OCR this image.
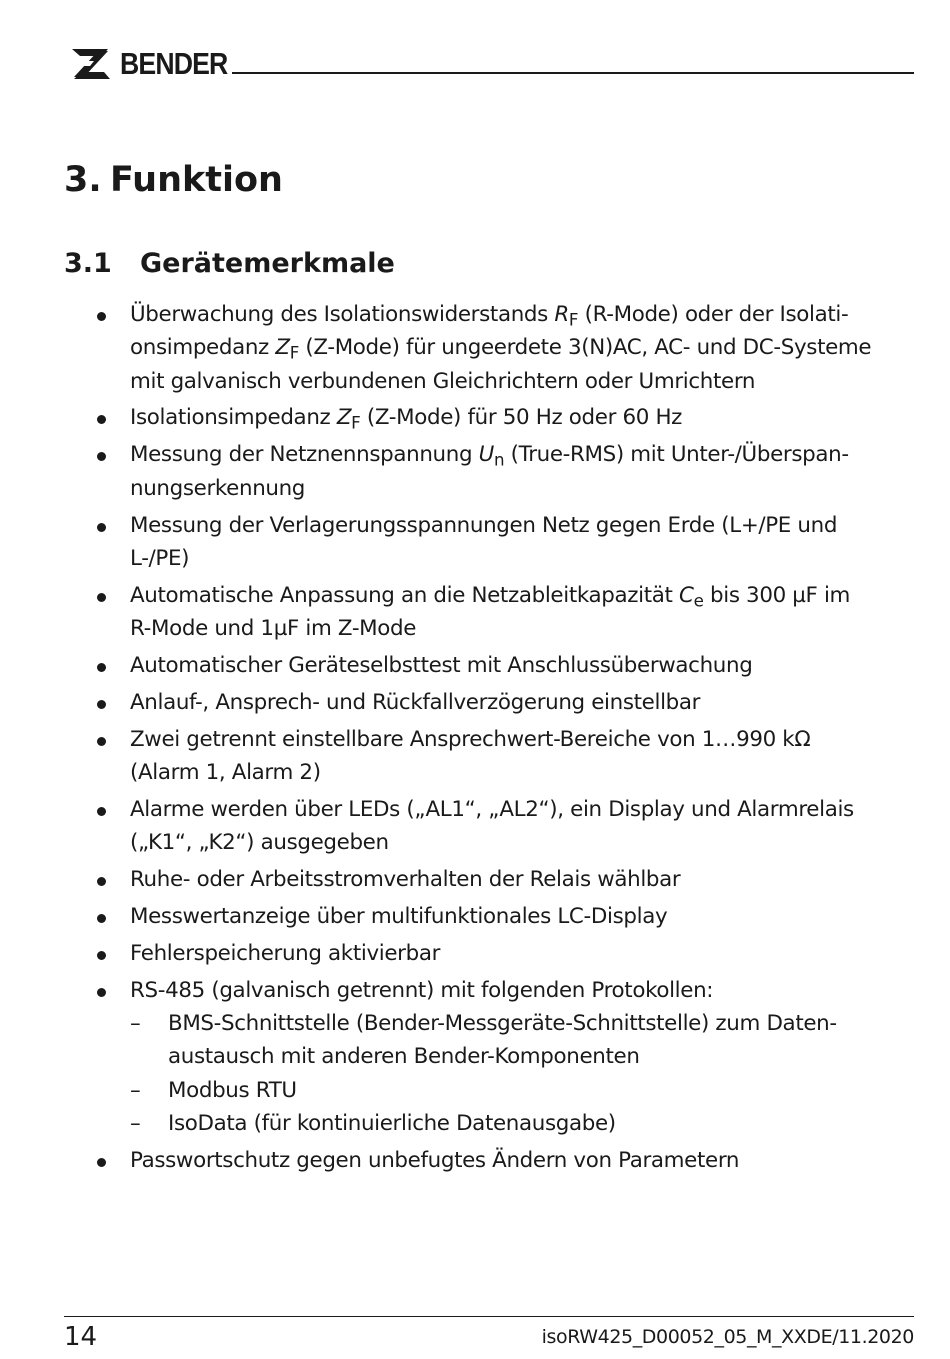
BENDER
3. Funktion
3.1 Gerätemerkmale
Überwachung des Isolationswiderstands $R_F$ (R-Mode) oder der Isolati-
onsimpedanz $Z_F$ (Z-Mode) für ungeerdete 3(N)AC, AC- und DC-Systeme
mit galvanisch verbundenen Gleichrichtern oder Umrichtern
Isolationsimpedanz $Z_F$ (Z-Mode) für 50 Hz oder 60 Hz
Messung der Netznennspannung $U_n$ (True-RMS) mit Unter-/Überspan-
nungserkennung
Messung der Verlagerungsspannungen Netz gegen Erde (L+/PE und
L-/PE)
Automatische Anpassung an die Netzableitkapazität $C_e$ bis 300 µF im
R-Mode und 1µF im Z-Mode
Automatischer Geräteselbsttest mit Anschlussüberwachung
Anlauf-, Ansprech- und Rückfallverzögerung einstellbar
Zwei getrennt einstellbare Ansprechwert-Bereiche von 1…990 kΩ
(Alarm 1, Alarm 2)
Alarme werden über LEDs („AL1“, „AL2“), ein Display und Alarmrelais
(„K1“, „K2“) ausgegeben
Ruhe- oder Arbeitsstromverhalten der Relais wählbar
Messwertanzeige über multifunktionales LC-Display
Fehlerspeicherung aktivierbar
RS-485 (galvanisch getrennt) mit folgenden Protokollen:
– BMS-Schnittstelle (Bender-Messgeräte-Schnittstelle) zum Daten-
austausch mit anderen Bender-Komponenten
– Modbus RTU
– IsoData (für kontinuierliche Datenausgabe)
Passwortschutz gegen unbefugtes Ändern von Parametern
14	isoRW425_D00052_05_M_XXDE/11.2020
